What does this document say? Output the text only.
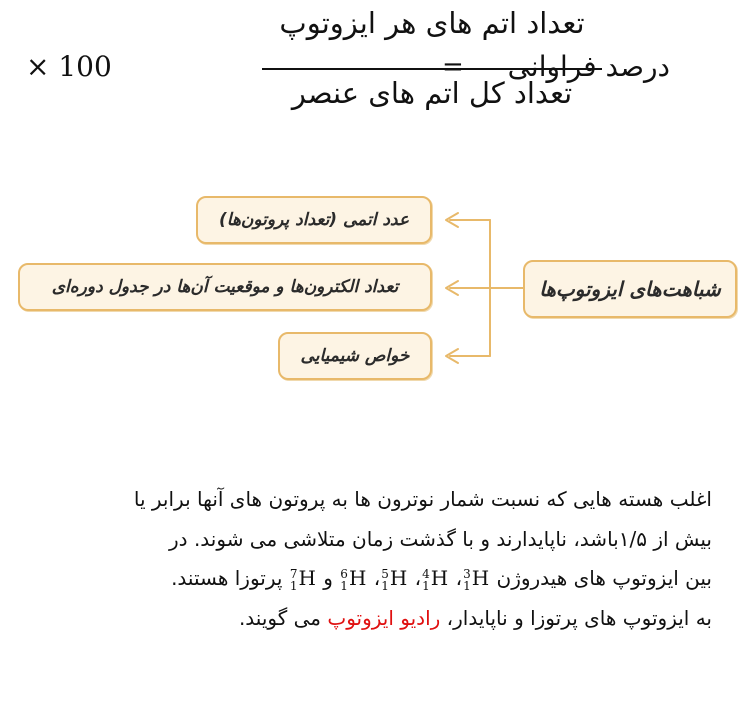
درصد فراوانی
=
تعداد اتم های هر ایزوتوپ
تعداد کل اتم های عنصر
× 100
شباهت‌های ایزوتوپ‌ها
عدد اتمی (تعداد پروتون‌ها)
تعداد الکترون‌ها و موقعیت آن‌ها در جدول دوره‌ای
خواص شیمیایی
اغلب هسته هایی که نسبت شمار نوترون ها به پروتون های آنها برابر یا
بیش از ۱/۵باشد، ناپایدارند و با گذشت زمان متلاشی می شوند. در
بین ایزوتوپ های هیدروژن
3
1 H،
4
1 H،
5
1 H،
6
1 H و
7
1 H پرتوزا هستند.
به ایزوتوپ های پرتوزا و ناپایدار، رادیو ایزوتوپ می گویند.
